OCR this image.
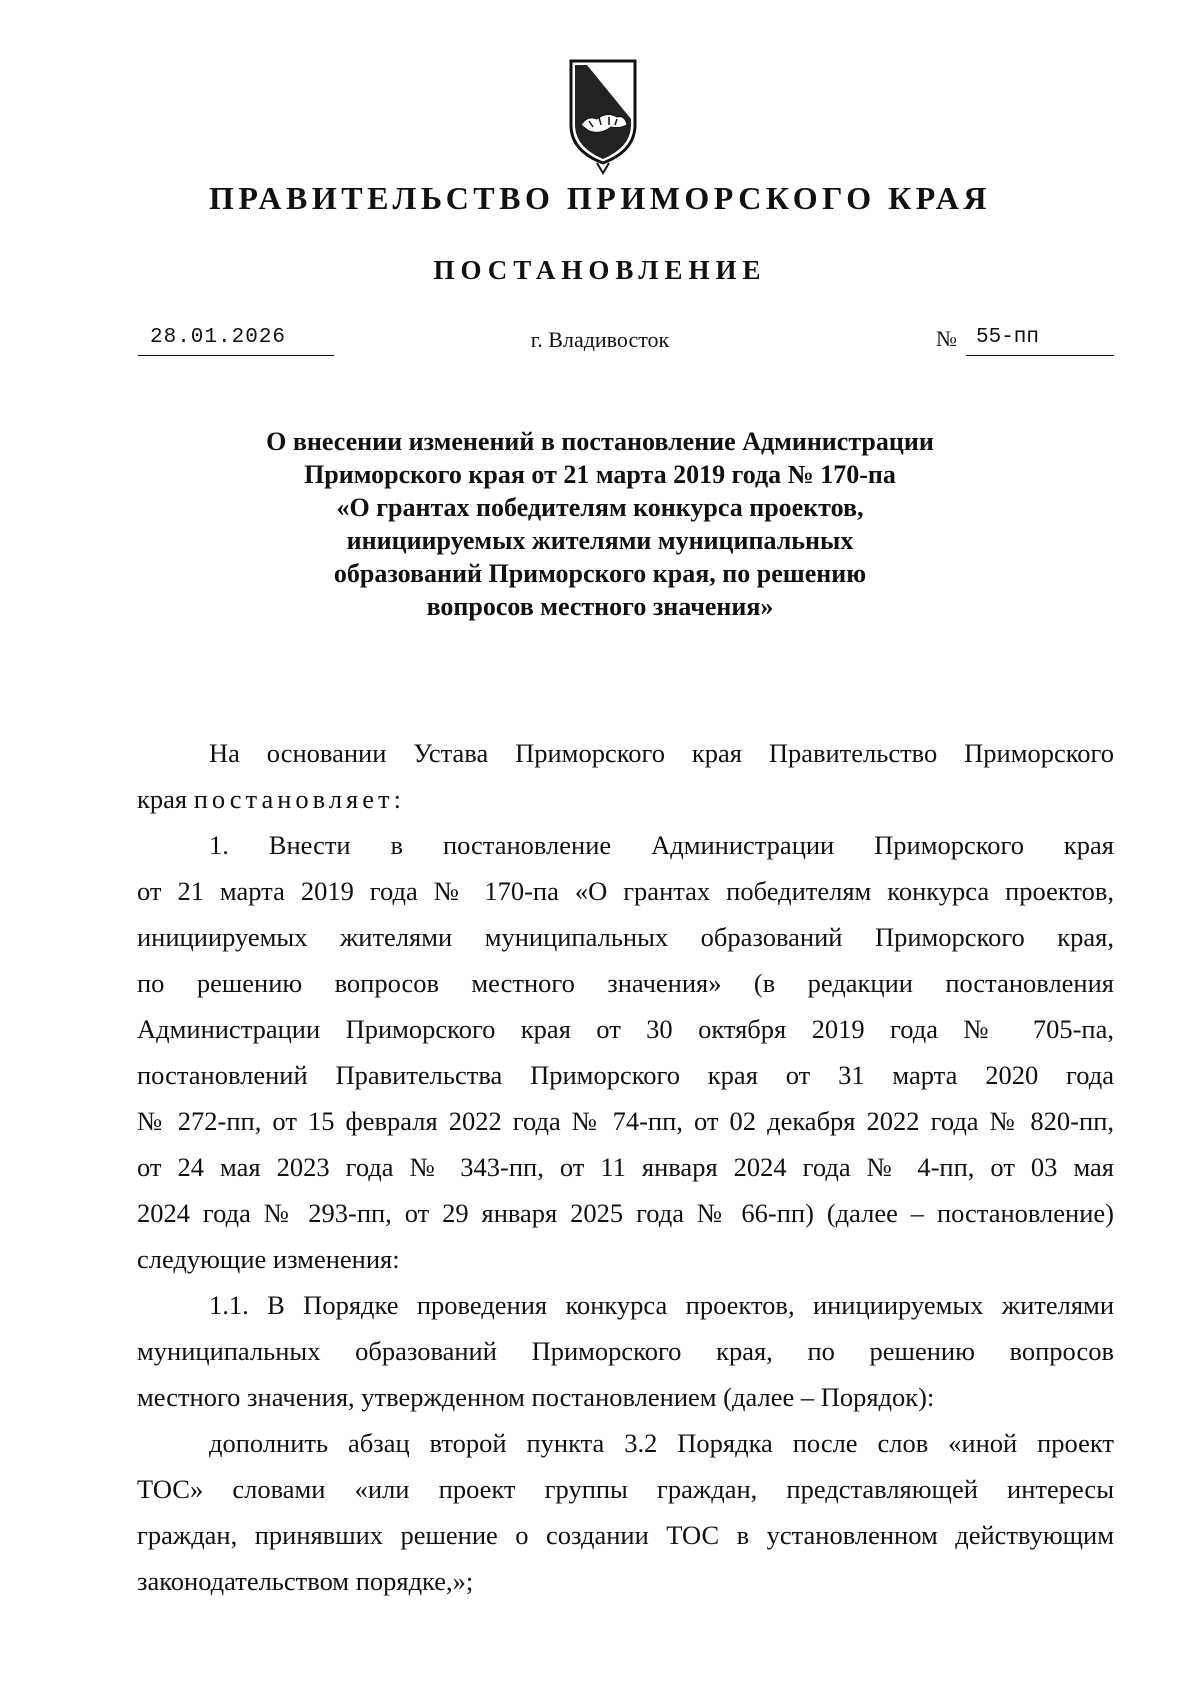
ПРАВИТЕЛЬСТВО ПРИМОРСКОГО КРАЯ
ПОСТАНОВЛЕНИЕ
28.01.2026	г. Владивосток	№ 55-пп
О внесении изменений в постановление Администрации
Приморского края от 21 марта 2019 года № 170-па
«О грантах победителям конкурса проектов,
инициируемых жителями муниципальных
образований Приморского края, по решению
вопросов местного значения»
На основании Устава Приморского края Правительство Приморского
края постановляет:
1. Внести в постановление Администрации Приморского края
от 21 марта 2019 года № 170-па «О грантах победителям конкурса проектов,
инициируемых жителями муниципальных образований Приморского края,
по решению вопросов местного значения» (в редакции постановления
Администрации Приморского края от 30 октября 2019 года № 705-па,
постановлений Правительства Приморского края от 31 марта 2020 года
№ 272-пп, от 15 февраля 2022 года № 74-пп, от 02 декабря 2022 года № 820-пп,
от 24 мая 2023 года № 343-пп, от 11 января 2024 года № 4-пп, от 03 мая
2024 года № 293-пп, от 29 января 2025 года № 66-пп) (далее – постановление)
следующие изменения:
1.1. В Порядке проведения конкурса проектов, инициируемых жителями
муниципальных образований Приморского края, по решению вопросов
местного значения, утвержденном постановлением (далее – Порядок):
дополнить абзац второй пункта 3.2 Порядка после слов «иной проект
ТОС» словами «или проект группы граждан, представляющей интересы
граждан, принявших решение о создании ТОС в установленном действующим
законодательством порядке,»;
